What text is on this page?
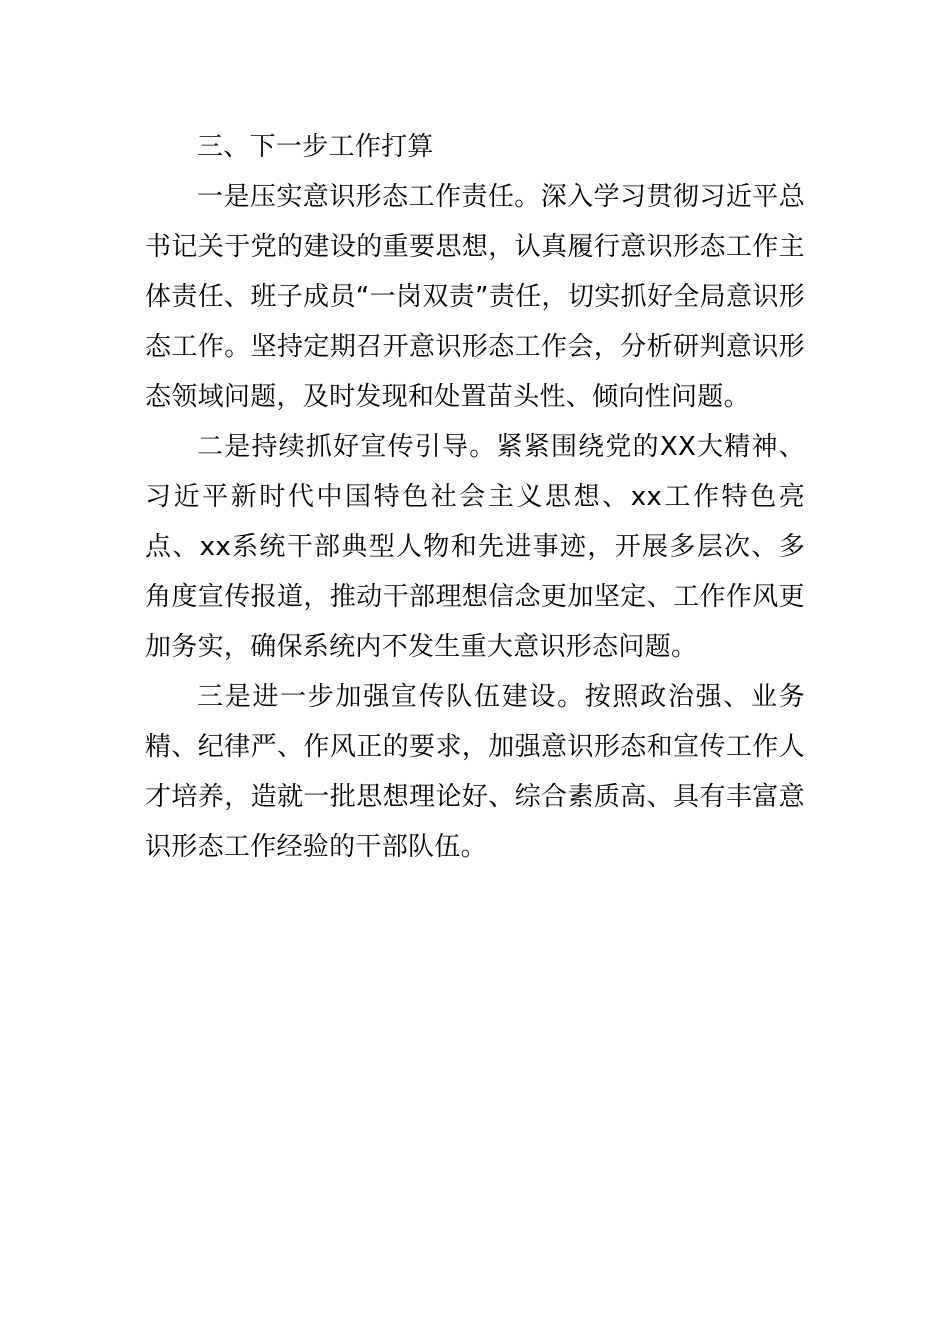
三、下一步工作打算

一是压实意识形态工作责任。深入学习贯彻习近平总书记关于党的建设的重要思想，认真履行意识形态工作主体责任、班子成员“一岗双责”责任，切实抓好全局意识形态工作。坚持定期召开意识形态工作会，分析研判意识形态领域问题，及时发现和处置苗头性、倾向性问题。

二是持续抓好宣传引导。紧紧围绕党的XX大精神、习近平新时代中国特色社会主义思想、xx工作特色亮点、xx系统干部典型人物和先进事迹，开展多层次、多角度宣传报道，推动干部理想信念更加坚定、工作作风更加务实，确保系统内不发生重大意识形态问题。

三是进一步加强宣传队伍建设。按照政治强、业务精、纪律严、作风正的要求，加强意识形态和宣传工作人才培养，造就一批思想理论好、综合素质高、具有丰富意识形态工作经验的干部队伍。
